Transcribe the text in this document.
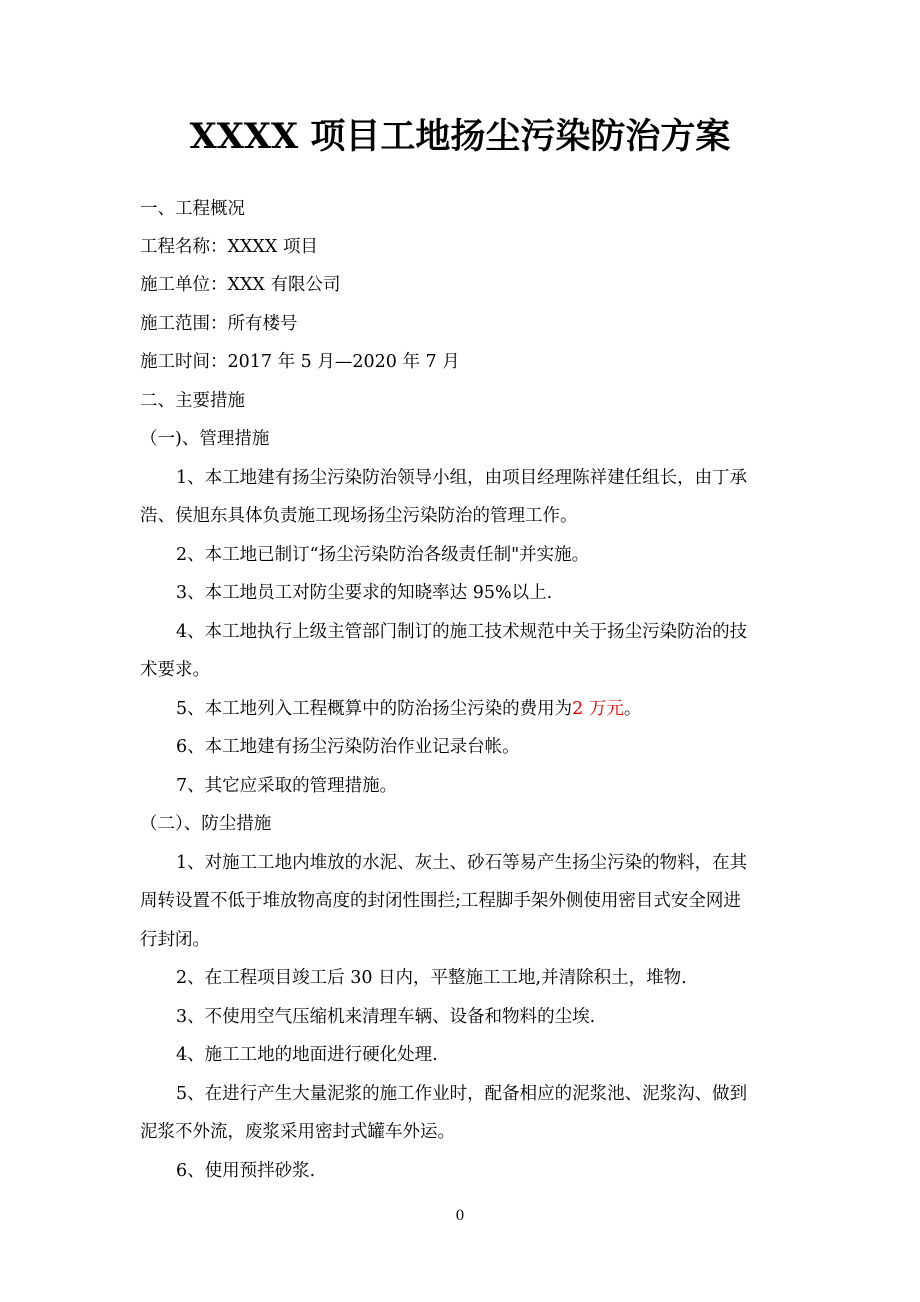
XXXX 项目工地扬尘污染防治方案
一、工程概况
工程名称：XXXX 项目
施工单位：XXX 有限公司
施工范围：所有楼号
施工时间：2017 年 5 月—2020 年 7 月
二、主要措施
（一)、管理措施
1、本工地建有扬尘污染防治领导小组，由项目经理陈祥建任组长，由丁承
浩、侯旭东具体负责施工现场扬尘污染防治的管理工作。
2、本工地已制订“扬尘污染防治各级责任制"并实施。
3、本工地员工对防尘要求的知晓率达 95%以上.
4、本工地执行上级主管部门制订的施工技术规范中关于扬尘污染防治的技
术要求。
5、本工地列入工程概算中的防治扬尘污染的费用为2 万元。
6、本工地建有扬尘污染防治作业记录台帐。
7、其它应采取的管理措施。
（二）、防尘措施
1、对施工工地内堆放的水泥、灰土、砂石等易产生扬尘污染的物料，在其
周转设置不低于堆放物高度的封闭性围拦;工程脚手架外侧使用密目式安全网进
行封闭。
2、在工程项目竣工后 30 日内，平整施工工地,并清除积土，堆物.
3、不使用空气压缩机来清理车辆、设备和物料的尘埃.
4、施工工地的地面进行硬化处理.
5、在进行产生大量泥浆的施工作业时，配备相应的泥浆池、泥浆沟、做到
泥浆不外流，废浆采用密封式罐车外运。
6、使用预拌砂浆.
0
